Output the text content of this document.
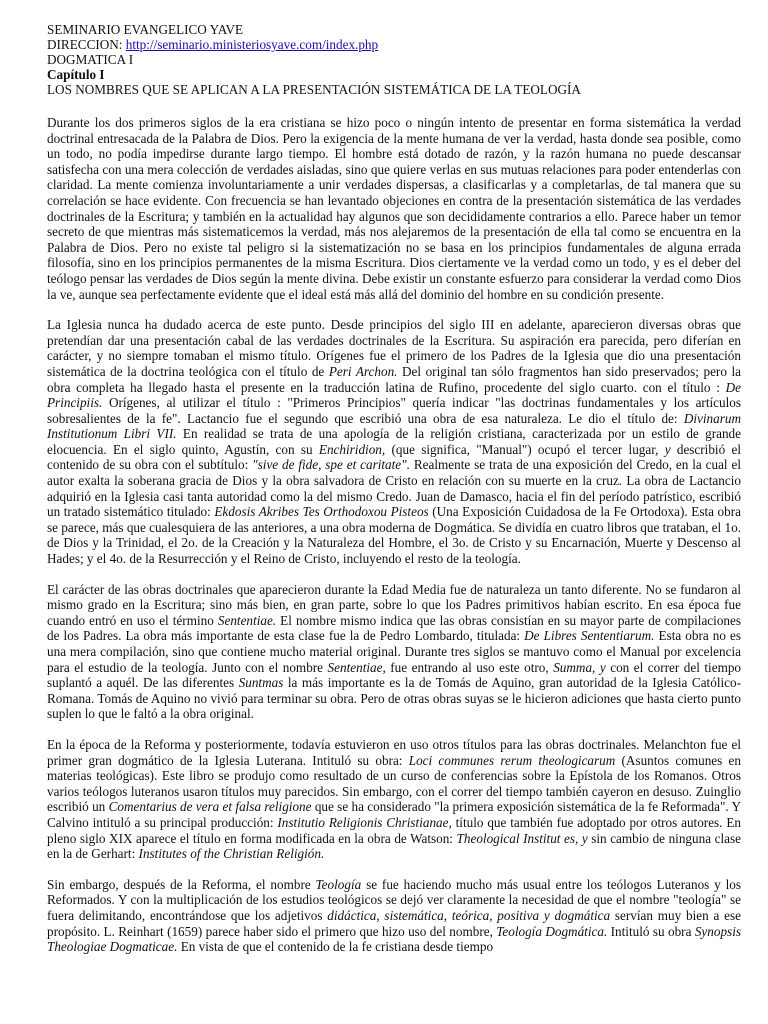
SEMINARIO EVANGELICO YAVE

DIRECCION: http://seminario.ministeriosyave.com/index.php

DOGMATICA I

Capítulo I

LOS NOMBRES QUE SE APLICAN A LA PRESENTACIÓN SISTEMÁTICA DE LA TEOLOGÍA

Durante los dos primeros siglos de la era cristiana se hizo poco o ningún intento de presentar en forma sistemática la verdad doctrinal entresacada de la Palabra de Dios. Pero la exigencia de la mente humana de ver la verdad, hasta donde sea posible, como un todo, no podía impedirse durante largo tiempo. El hombre está dotado de razón, y la razón humana no puede descansar satisfecha con una mera colección de verdades aisladas, sino que quiere verlas en sus mutuas relaciones para poder entenderlas con claridad. La mente comienza involuntariamente a unir verdades dispersas, a clasificarlas y a completarlas, de tal manera que su correlación se hace evidente. Con frecuencia se han levantado objeciones en contra de la presentación sistemática de las verdades doctrinales de la Escritura; y también en la actualidad hay algunos que son decididamente contrarios a ello. Parece haber un temor secreto de que mientras más sistematicemos la verdad, más nos alejaremos de la presentación de ella tal como se encuentra en la Palabra de Dios. Pero no existe tal peligro si la sistematización no se basa en los principios fundamentales de alguna errada filosofía, sino en los principios permanentes de la misma Escritura. Dios ciertamente ve la verdad como un todo, y es el deber del teólogo pensar las verdades de Dios según la mente divina. Debe existir un constante esfuerzo para considerar la verdad como Dios la ve, aunque sea perfectamente evidente que el ideal está más allá del dominio del hombre en su condición presente.

La Iglesia nunca ha dudado acerca de este punto. Desde principios del siglo III en adelante, aparecieron diversas obras que pretendían dar una presentación cabal de las verdades doctrinales de la Escritura. Su aspiración era parecida, pero diferían en carácter, y no siempre tomaban el mismo título. Orígenes fue el primero de los Padres de la Iglesia que dio una presentación sistemática de la doctrina teológica con el título de Peri Archon. Del original tan sólo fragmentos han sido preservados; pero la obra completa ha llegado hasta el presente en la traducción latina de Rufino, procedente del siglo cuarto. con el título : De Principiis. Orígenes, al utilizar el título : "Primeros Principios" quería indicar "las doctrinas fundamentales y los artículos sobresalientes de la fe". Lactancio fue el segundo que escribió una obra de esa naturaleza. Le dio el título de: Divinarum Institutionum Libri VII. En realidad se trata de una apología de la religión cristiana, caracterizada por un estilo de grande elocuencia. En el siglo quinto, Agustín, con su Enchiridion, (que significa, "Manual") ocupó el tercer lugar, y describió el contenido de su obra con el subtítulo: "sive de fide, spe et caritate". Realmente se trata de una exposición del Credo, en la cual el autor exalta la soberana gracia de Dios y la obra salvadora de Cristo en relación con su muerte en la cruz. La obra de Lactancio adquirió en la Iglesia casi tanta autoridad como la del mismo Credo. Juan de Damasco, hacia el fin del período patrístico, escribió un tratado sistemático titulado: Ekdosis Akribes Tes Orthodoxou Pisteos (Una Exposición Cuidadosa de la Fe Ortodoxa). Esta obra se parece, más que cualesquiera de las anteriores, a una obra moderna de Dogmática. Se dividía en cuatro libros que trataban, el 1o. de Dios y la Trinidad, el 2o. de la Creación y la Naturaleza del Hombre, el 3o. de Cristo y su Encarnación, Muerte y Descenso al Hades; y el 4o. de la Resurrección y el Reino de Cristo, incluyendo el resto de la teología.

El carácter de las obras doctrinales que aparecieron durante la Edad Media fue de naturaleza un tanto diferente. No se fundaron al mismo grado en la Escritura; sino más bien, en gran parte, sobre lo que los Padres primitivos habían escrito. En esa época fue cuando entró en uso el término Sententiae. El nombre mismo indica que las obras consistían en su mayor parte de compilaciones de los Padres. La obra más importante de esta clase fue la de Pedro Lombardo, titulada: De Libres Sententiarum. Esta obra no es una mera compilación, sino que contiene mucho material original. Durante tres siglos se mantuvo como el Manual por excelencia para el estudio de la teología. Junto con el nombre Sententiae, fue entrando al uso este otro, Summa, y con el correr del tiempo suplantó a aquél. De las diferentes Suntmas la más importante es la de Tomás de Aquino, gran autoridad de la Iglesia Católico-Romana. Tomás de Aquino no vivió para terminar su obra. Pero de otras obras suyas se le hicieron adiciones que hasta cierto punto suplen lo que le faltó a la obra original.

En la época de la Reforma y posteriormente, todavía estuvieron en uso otros títulos para las obras doctrinales. Melanchton fue el primer gran dogmático de la Iglesia Luterana. Intituló su obra: Loci communes rerum theologicarum (Asuntos comunes en materias teológicas). Este libro se produjo como resultado de un curso de conferencias sobre la Epístola de los Romanos. Otros varios teólogos luteranos usaron títulos muy parecidos. Sin embargo, con el correr del tiempo también cayeron en desuso. Zuinglio escribió un Comentarius de vera et falsa religione que se ha considerado "la primera exposición sistemática de la fe Reformada". Y Calvino intituló a su principal producción: Institutio Religionis Christianae, título que también fue adoptado por otros autores. En pleno siglo XIX aparece el título en forma modificada en la obra de Watson: Theological Institut es, y sin cambio de ninguna clase en la de Gerhart: Institutes of the Christian Religión.

Sin embargo, después de la Reforma, el nombre Teología se fue haciendo mucho más usual entre los teólogos Luteranos y los Reformados. Y con la multiplicación de los estudios teológicos se dejó ver claramente la necesidad de que el nombre "teología" se fuera delimitando, encontrándose que los adjetivos didáctica, sistemática, teórica, positiva y dogmática servían muy bien a ese propósito. L. Reinhart (1659) parece haber sido el primero que hizo uso del nombre, Teología Dogmática. Intituló su obra Synopsis Theologiae Dogmaticae. En vista de que el contenido de la fe cristiana desde tiempo
